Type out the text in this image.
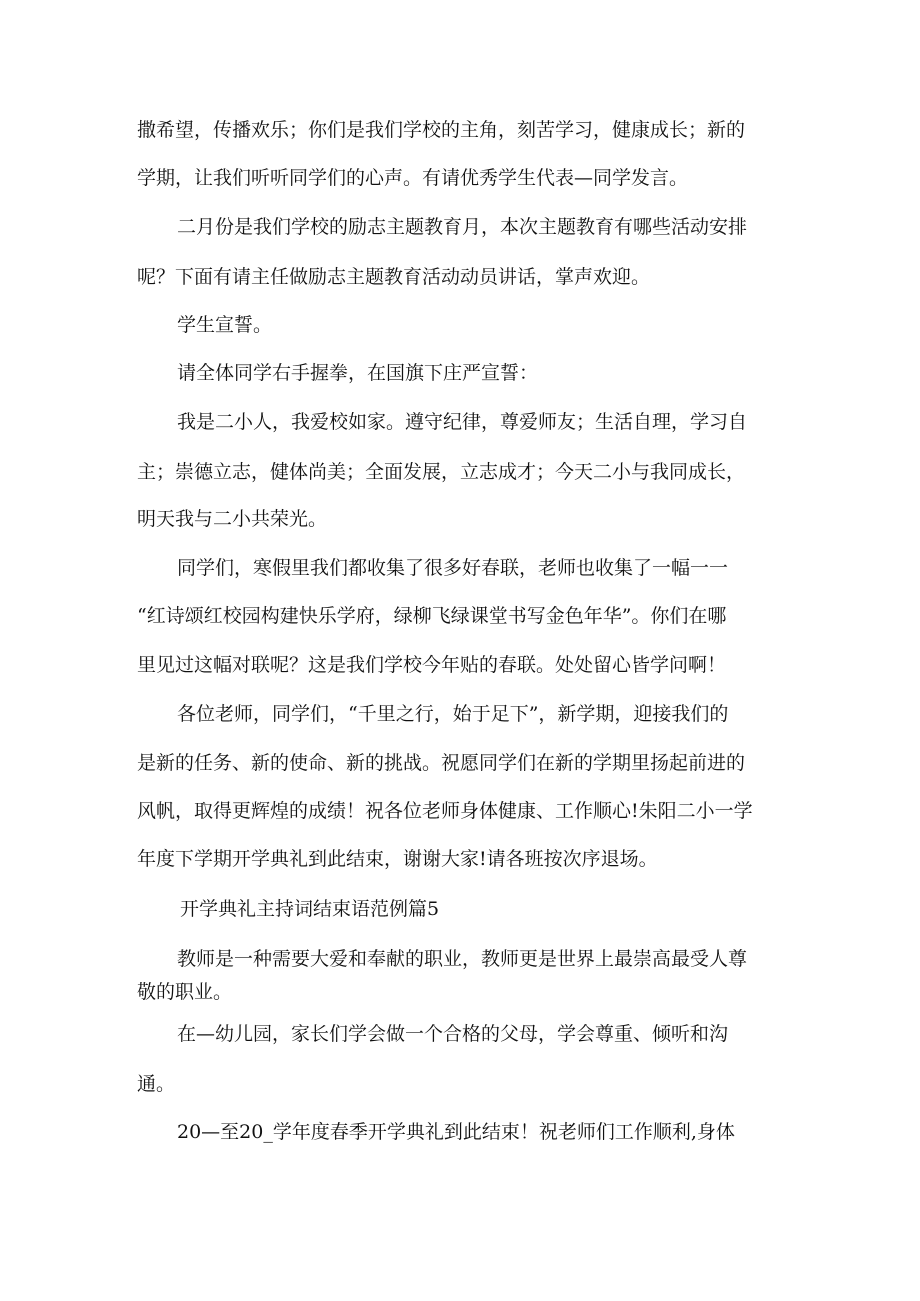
撒希望，传播欢乐；你们是我们学校的主角，刻苦学习，健康成长；新的
学期，让我们听听同学们的心声。有请优秀学生代表—同学发言。
二月份是我们学校的励志主题教育月，本次主题教育有哪些活动安排
呢？下面有请主任做励志主题教育活动动员讲话，掌声欢迎。
学生宣誓。
请全体同学右手握拳，在国旗下庄严宣誓：
我是二小人，我爱校如家。遵守纪律，尊爱师友；生活自理，学习自
主；崇德立志，健体尚美；全面发展，立志成才；今天二小与我同成长，
明天我与二小共荣光。
同学们，寒假里我们都收集了很多好春联，老师也收集了一幅一一
“红诗颂红校园构建快乐学府，绿柳飞绿课堂书写金色年华”。你们在哪
里见过这幅对联呢？这是我们学校今年贴的春联。处处留心皆学问啊！
各位老师，同学们，“千里之行，始于足下”，新学期，迎接我们的
是新的任务、新的使命、新的挑战。祝愿同学们在新的学期里扬起前进的
风帆，取得更辉煌的成绩！祝各位老师身体健康、工作顺心!朱阳二小一学
年度下学期开学典礼到此结束，谢谢大家!请各班按次序退场。
开学典礼主持词结束语范例篇5
教师是一种需要大爱和奉献的职业，教师更是世界上最崇高最受人尊
敬的职业。
在—幼儿园，家长们学会做一个合格的父母，学会尊重、倾听和沟
通。
20—至20_学年度春季开学典礼到此结束！祝老师们工作顺利,身体
